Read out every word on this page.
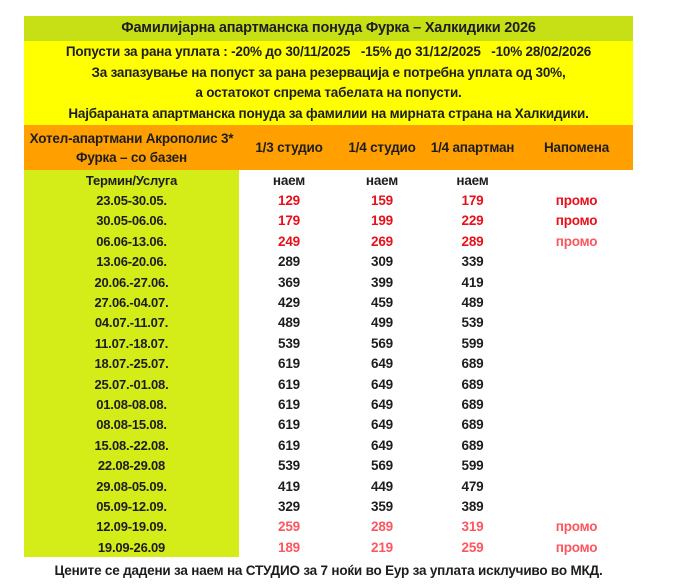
Фамилијарна апартманска понуда Фурка – Халкидики 2026
Попусти за рана уплата : -20% до 30/11/2025   -15% до 31/12/2025   -10% 28/02/2026
За запазување на попуст за рана резервација е потребна уплата од 30%,
а остатокот спрема табелата на попусти.
Најбараната апартманска понуда за фамилии на мирната страна на Халкидики.
Хотел-апартмани Акрополис 3*
Фурка – со базен
1/3 студио	1/4 студио	1/4 апартман	Напомена
Термин/Услуга	наем	наем	наем
23.05-30.05.	129	159	179	промо
30.05-06.06.	179	199	229	промо
06.06-13.06.	249	269	289	промо
13.06-20.06.	289	309	339
20.06.-27.06.	369	399	419
27.06.-04.07.	429	459	489
04.07.-11.07.	489	499	539
11.07.-18.07.	539	569	599
18.07.-25.07.	619	649	689
25.07.-01.08.	619	649	689
01.08-08.08.	619	649	689
08.08-15.08.	619	649	689
15.08.-22.08.	619	649	689
22.08-29.08	539	569	599
29.08-05.09.	419	449	479
05.09-12.09.	329	359	389
12.09-19.09.	259	289	319	промо
19.09-26.09	189	219	259	промо
Цените се дадени за наем на СТУДИО за 7 ноќи во Еур за уплата исклучиво во МКД.
